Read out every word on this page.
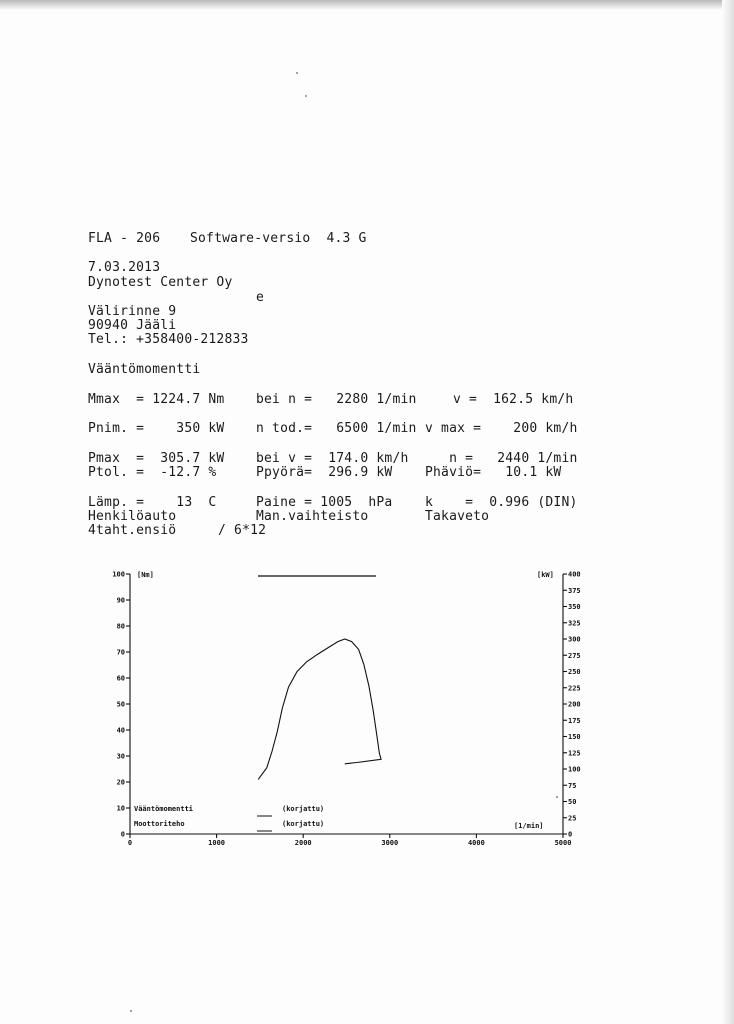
FLA - 206 Software-versio  4.3 G
7.03.2013
Dynotest Center Oy
e
Välirinne 9
90940 Jääli
Tel.: +358400-212833
Vääntömomentti
Mmax  = 1224.7 Nm bei n =   2280 1/min	v =  162.5 km/h
Pnim. =    350 kW n tod.=   6500 1/min v max =    200 km/h
Pmax  =  305.7 kW bei v =  174.0 km/h n =   2440 1/min
Ptol. =  -12.7 %	Ppyörä=  296.9 kW	Phäviö=   10.1 kW
Lämp. =    13  C	Paine = 1005  hPa	k    =  0.996 (DIN)
Henkilöauto	Man.vaihteisto	Takaveto
4taht.ensiö	/ 6*12
0
10
20
30
40
50
60
70
80
90
100
0
25
50
75
100
125
150
175
200
225
250
275
300
325
350
375
400
0	1000	2000	3000	4000	5000
[Nm]	[kW]
[1/min]
Vääntömomentti	(korjattu)
Moottoriteho	(korjattu)
